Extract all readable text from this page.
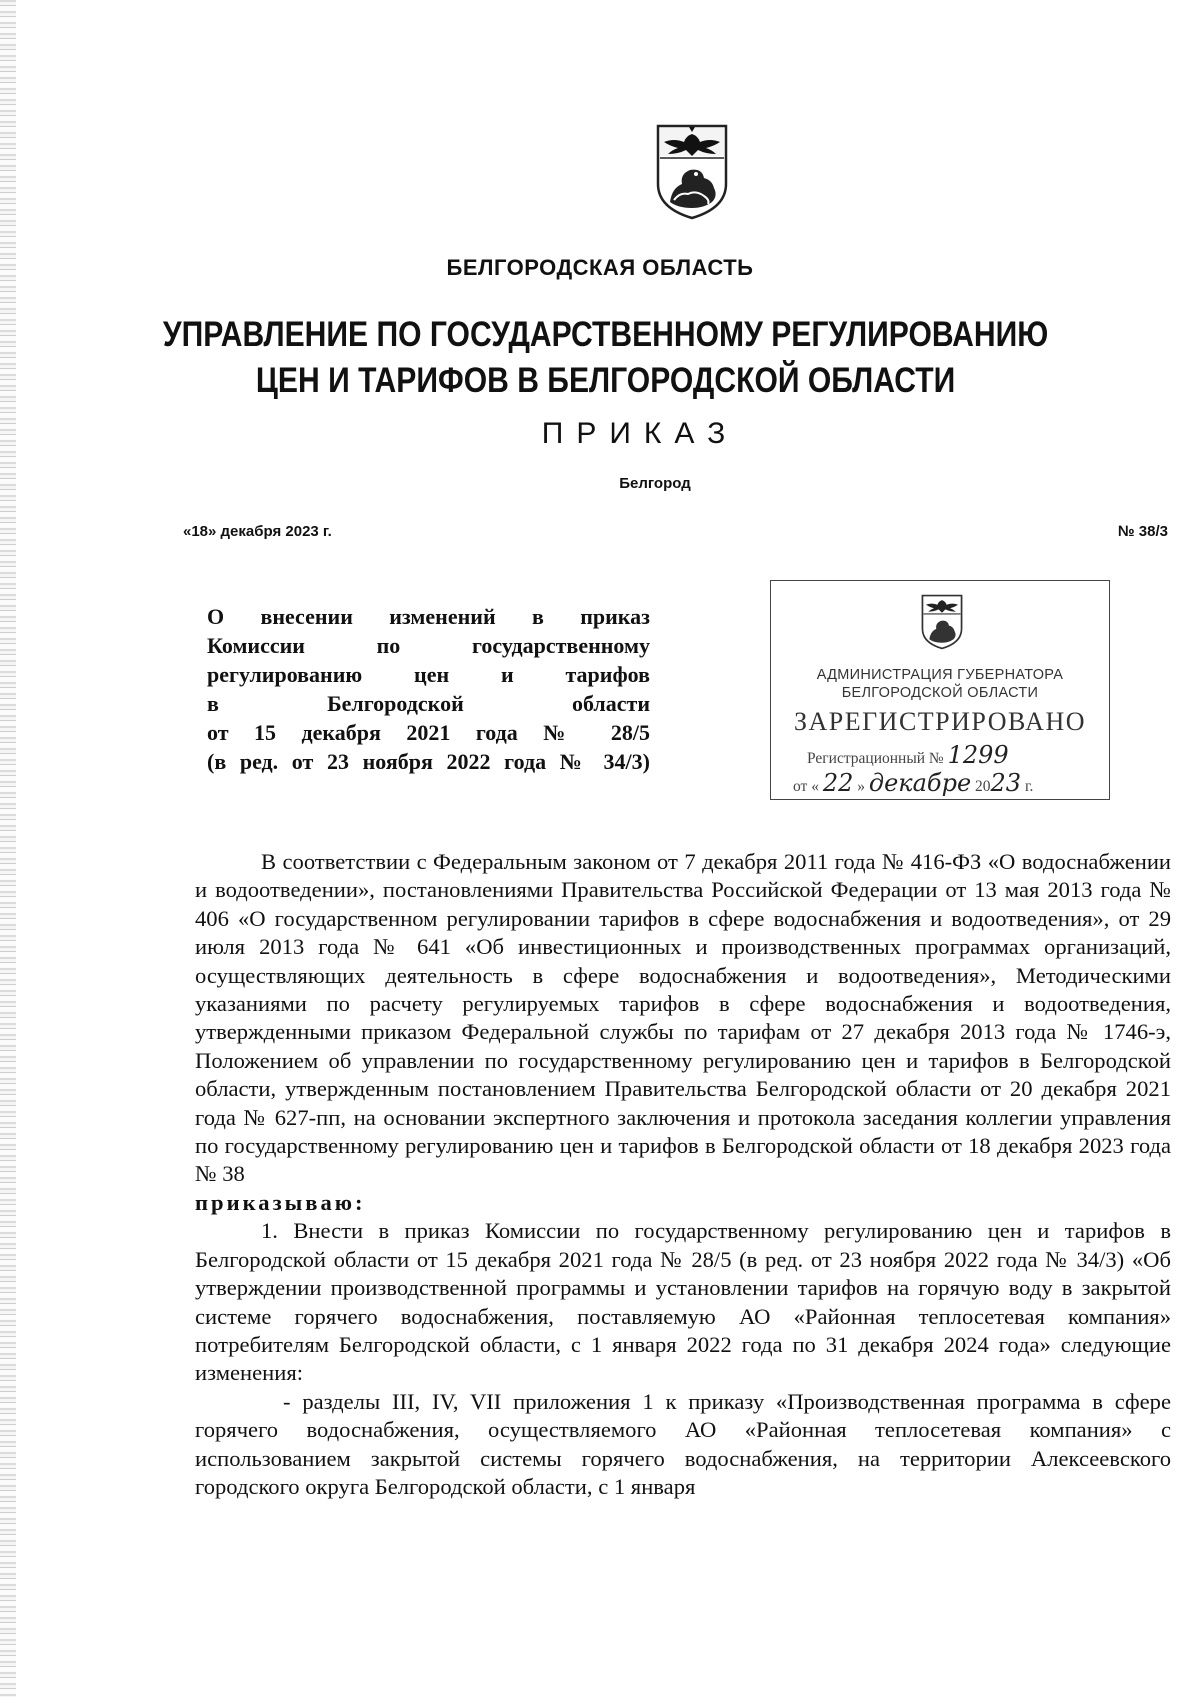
БЕЛГОРОДСКАЯ ОБЛАСТЬ
УПРАВЛЕНИЕ ПО ГОСУДАРСТВЕННОМУ РЕГУЛИРОВАНИЮ
ЦЕН И ТАРИФОВ В БЕЛГОРОДСКОЙ ОБЛАСТИ
ПРИКАЗ
Белгород
«18» декабря 2023 г.	№ 38/3
О внесении изменений в приказ
Комиссии по государственному
регулированию цен и тарифов
в Белгородской области
от 15 декабря 2021 года № 28/5
(в ред. от 23 ноября 2022 года № 34/3)
АДМИНИСТРАЦИЯ ГУБЕРНАТОРА
БЕЛГОРОДСКОЙ ОБЛАСТИ
ЗАРЕГИСТРИРОВАНО
Регистрационный № 1299
от « 22 » декабре 2023 г.

В соответствии с Федеральным законом от 7 декабря 2011 года № 416-ФЗ «О водоснабжении и водоотведении», постановлениями Правительства Российской Федерации от 13 мая 2013 года № 406 «О государственном регулировании тарифов в сфере водоснабжения и водоотведения», от 29 июля 2013 года № 641 «Об инвестиционных и производственных программах организаций, осуществляющих деятельность в сфере водоснабжения и водоотведения», Методическими указаниями по расчету регулируемых тарифов в сфере водоснабжения и водоотведения, утвержденными приказом Федеральной службы по тарифам от 27 декабря 2013 года № 1746-э, Положением об управлении по государственному регулированию цен и тарифов в Белгородской области, утвержденным постановлением Правительства Белгородской области от 20 декабря 2021 года № 627-пп, на основании экспертного заключения и протокола заседания коллегии управления по государственному регулированию цен и тарифов в Белгородской области от 18 декабря 2023 года № 38

приказываю:

1. Внести в приказ Комиссии по государственному регулированию цен и тарифов в Белгородской области от 15 декабря 2021 года № 28/5 (в ред. от 23 ноября 2022 года № 34/3) «Об утверждении производственной программы и установлении тарифов на горячую воду в закрытой системе горячего водоснабжения, поставляемую АО «Районная теплосетевая компания» потребителям Белгородской области, с 1 января 2022 года по 31 декабря 2024 года» следующие изменения:

- разделы III, IV, VII приложения 1 к приказу «Производственная программа в сфере горячего водоснабжения, осуществляемого АО «Районная теплосетевая компания» с использованием закрытой системы горячего водоснабжения, на территории Алексеевского городского округа Белгородской области, с 1 января
